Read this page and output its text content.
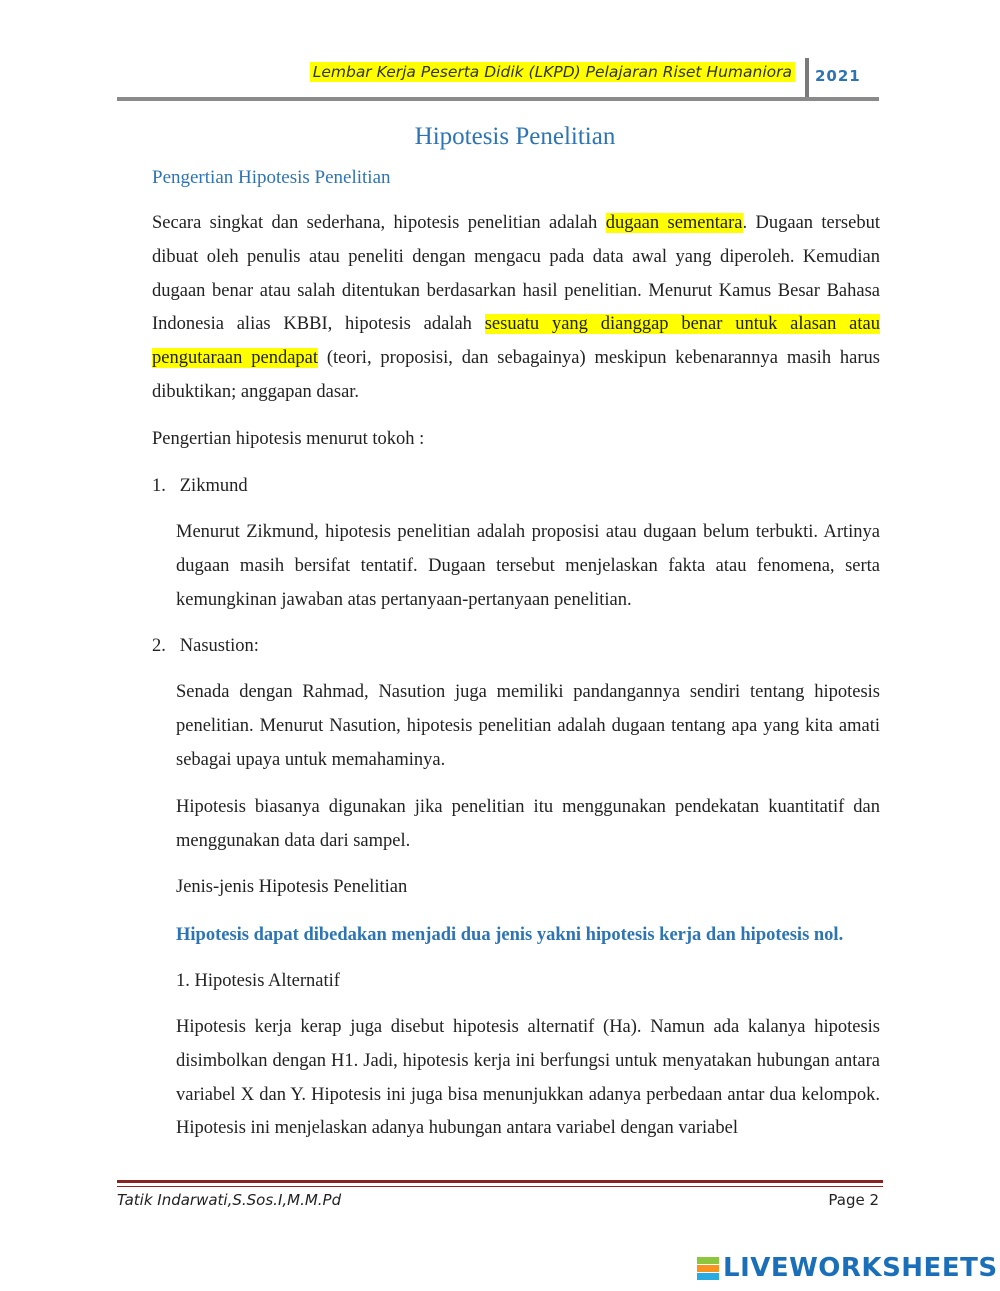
Lembar Kerja Peserta Didik (LKPD) Pelajaran Riset Humaniora 2021
Hipotesis Penelitian
Pengertian Hipotesis Penelitian
Secara singkat dan sederhana, hipotesis penelitian adalah dugaan sementara. Dugaan tersebut dibuat oleh penulis atau peneliti dengan mengacu pada data awal yang diperoleh. Kemudian dugaan benar atau salah ditentukan berdasarkan hasil penelitian. Menurut Kamus Besar Bahasa Indonesia alias KBBI, hipotesis adalah sesuatu yang dianggap benar untuk alasan atau pengutaraan pendapat (teori, proposisi, dan sebagainya) meskipun kebenarannya masih harus dibuktikan; anggapan dasar.
Pengertian hipotesis menurut tokoh :
1.   Zikmund
Menurut Zikmund, hipotesis penelitian adalah proposisi atau dugaan belum terbukti. Artinya dugaan masih bersifat tentatif. Dugaan tersebut menjelaskan fakta atau fenomena, serta kemungkinan jawaban atas pertanyaan-pertanyaan penelitian.
2.   Nasustion:
Senada dengan Rahmad, Nasution juga memiliki pandangannya sendiri tentang hipotesis penelitian. Menurut Nasution, hipotesis penelitian adalah dugaan tentang apa yang kita amati sebagai upaya untuk memahaminya.
Hipotesis biasanya digunakan jika penelitian itu menggunakan pendekatan kuantitatif dan menggunakan data dari sampel.
Jenis-jenis Hipotesis Penelitian
Hipotesis dapat dibedakan menjadi dua jenis yakni hipotesis kerja dan hipotesis nol.
1. Hipotesis Alternatif
Hipotesis kerja kerap juga disebut hipotesis alternatif (Ha). Namun ada kalanya hipotesis disimbolkan dengan H1. Jadi, hipotesis kerja ini berfungsi untuk menyatakan hubungan antara variabel X dan Y. Hipotesis ini juga bisa menunjukkan adanya perbedaan antar dua kelompok. Hipotesis ini menjelaskan adanya hubungan antara variabel dengan variabel
Tatik Indarwati,S.Sos.I,M.M.Pd	Page 2
LIVEWORKSHEETS
